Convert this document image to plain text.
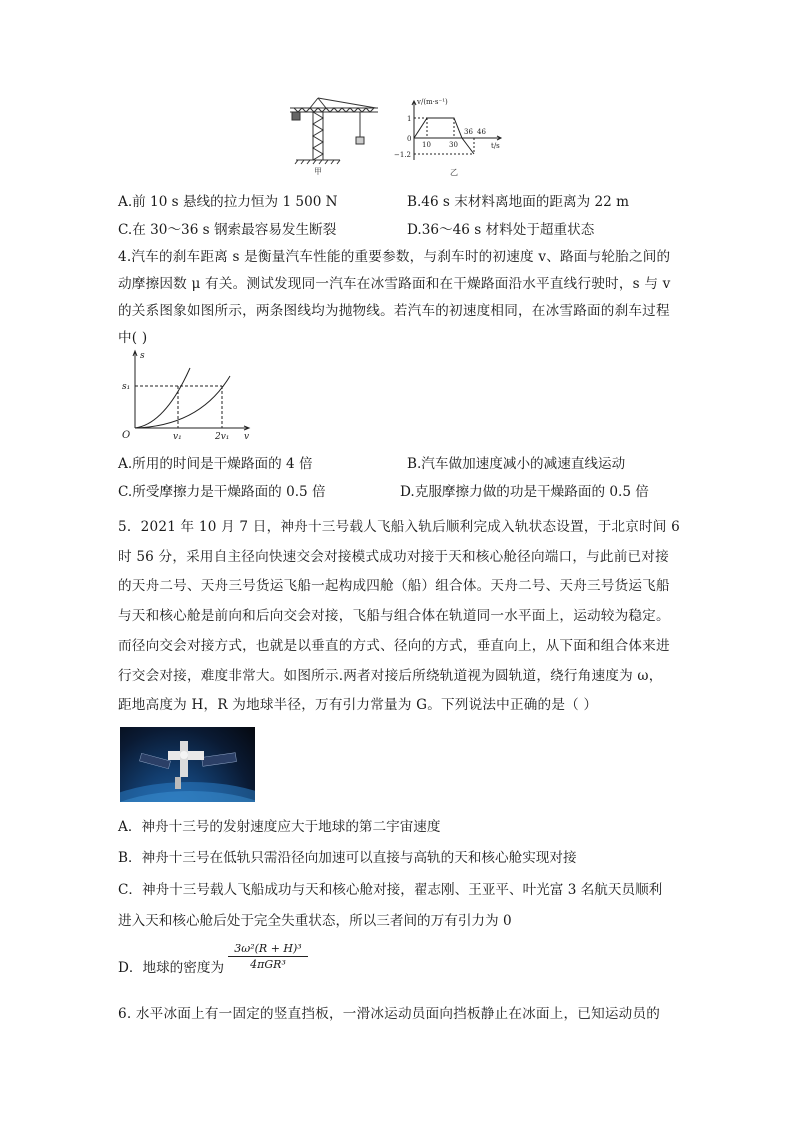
甲
v/(m·s⁻¹)
t/s
1
0
−1.2
10	30
36 46
乙
A.前 10 s 悬线的拉力恒为 1 500 N	B.46 s 末材料离地面的距离为 22 m
C.在 30～36 s 钢索最容易发生断裂	D.36～46 s 材料处于超重状态
4.汽车的刹车距离 s 是衡量汽车性能的重要参数，与刹车时的初速度 v、路面与轮胎之间的
动摩擦因数 μ 有关。测试发现同一汽车在冰雪路面和在干燥路面沿水平直线行驶时，s 与 v
的关系图象如图所示，两条图线均为抛物线。若汽车的初速度相同，在冰雪路面的刹车过程
中( )
s
s₁
O	v₁	2v₁ v
A.所用的时间是干燥路面的 4 倍	B.汽车做加速度减小的减速直线运动
C.所受摩擦力是干燥路面的 0.5 倍	D.克服摩擦力做的功是干燥路面的 0.5 倍
5．2021 年 10 月 7 日，神舟十三号载人飞船入轨后顺利完成入轨状态设置，于北京时间 6
时 56 分，采用自主径向快速交会对接模式成功对接于天和核心舱径向端口，与此前已对接
的天舟二号、天舟三号货运飞船一起构成四舱（船）组合体。天舟二号、天舟三号货运飞船
与天和核心舱是前向和后向交会对接，飞船与组合体在轨道同一水平面上，运动较为稳定。
而径向交会对接方式，也就是以垂直的方式、径向的方式，垂直向上，从下面和组合体来进
行交会对接，难度非常大。如图所示.两者对接后所绕轨道视为圆轨道，绕行角速度为 ω，
距地高度为 H，R 为地球半径，万有引力常量为 G。下列说法中正确的是（ ）
A．神舟十三号的发射速度应大于地球的第二宇宙速度
B．神舟十三号在低轨只需沿径向加速可以直接与高轨的天和核心舱实现对接
C．神舟十三号载人飞船成功与天和核心舱对接，翟志刚、王亚平、叶光富 3 名航天员顺利
进入天和核心舱后处于完全失重状态，所以三者间的万有引力为 0
D．地球的密度为
3ω²(R + H)³
4πGR³
6. 水平冰面上有一固定的竖直挡板，一滑冰运动员面向挡板静止在冰面上，已知运动员的
